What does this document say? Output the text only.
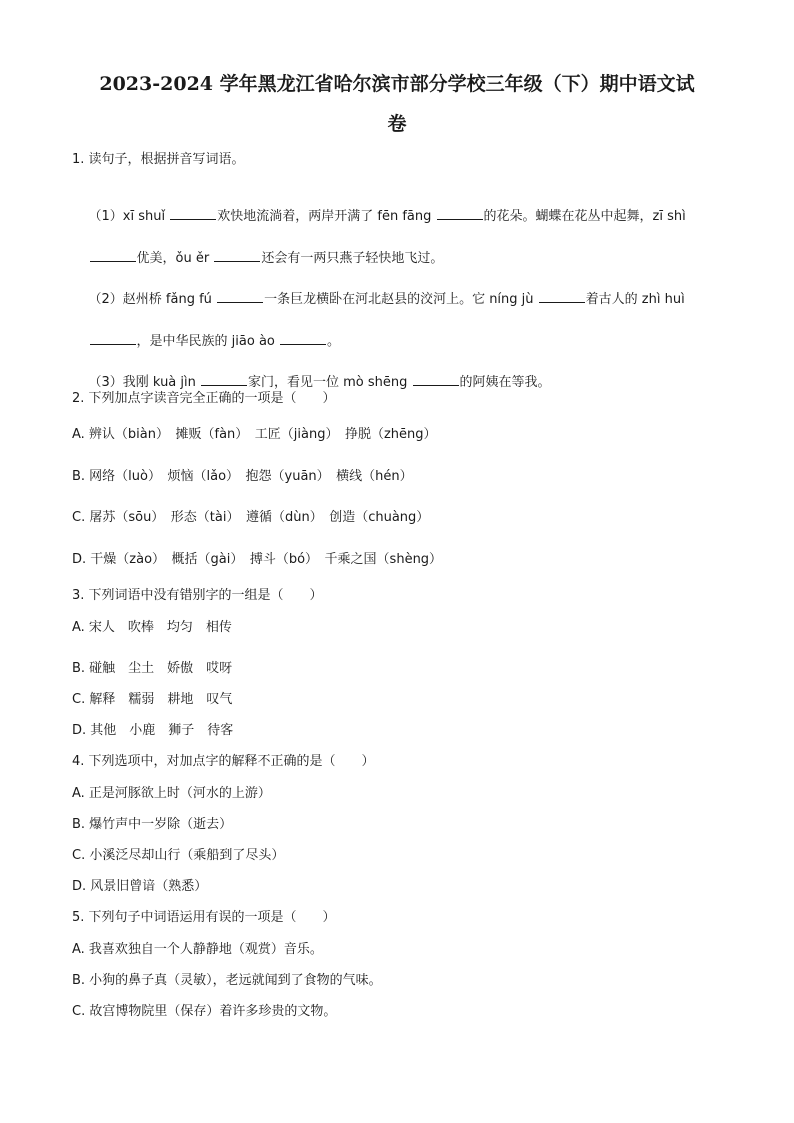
2023-2024 学年黑龙江省哈尔滨市部分学校三年级（下）期中语文试
卷
1. 读句子，根据拼音写词语。

（1）xī shuǐ	欢快地流淌着，两岸开满了 fēn fāng	的花朵。蝴蝶在花丛中起舞，zī shì

优美，ǒu ěr	还会有一两只燕子轻快地飞过。

（2）赵州桥 fǎng fú	一条巨龙横卧在河北赵县的洨河上。它 níng jù	着古人的 zhì huì

，是中华民族的 jiāo ào	。

（3）我刚 kuà jìn	家门，看见一位 mò shēng	的阿姨在等我。

2. 下列加点字读音完全正确的一项是（　　）
A. 辨认（biàn）　摊贩（fàn）　工匠（jiàng）　挣脱（zhēng）
B. 网络（luò）　烦恼（lǎo）　抱怨（yuān）　横线（hén）
C. 屠苏（sōu）　形态（tài）　遵循（dùn）　创造（chuàng）
D. 干燥（zào）　概括（gài）　搏斗（bó）　千乘之国（shèng）
3. 下列词语中没有错别字的一组是（　　）
A. 宋人　吹棒　均匀　相传
B. 碰触　尘土　娇傲　哎呀
C. 解释　糯弱　耕地　叹气
D. 其他　小鹿　狮子　待客
4. 下列选项中，对加点字的解释不正确的是（　　）
A. 正是河豚欲上时（河水的上游）
B. 爆竹声中一岁除（逝去）
C. 小溪泛尽却山行（乘船到了尽头）
D. 风景旧曾谙（熟悉）
5. 下列句子中词语运用有误的一项是（　　）
A. 我喜欢独自一个人静静地（观赏）音乐。
B. 小狗的鼻子真（灵敏），老远就闻到了食物的气味。
C. 故宫博物院里（保存）着许多珍贵的文物。
